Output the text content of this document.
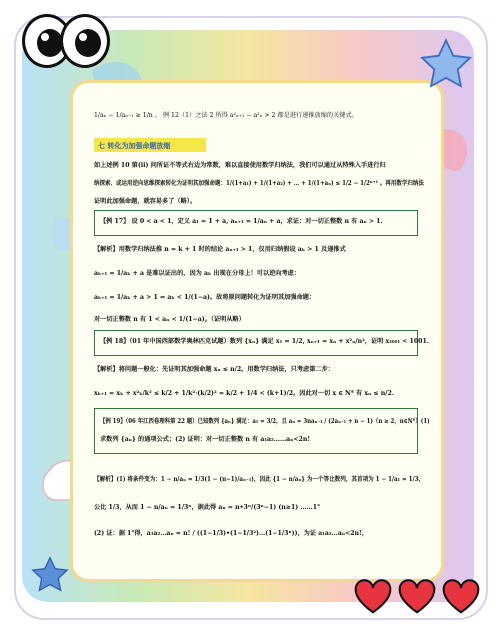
1/aₙ − 1/aₙ₋₁ ≥ 1/n 。 例 12（1）之法 2 所得 a²ₙ₊₁ − a²ₙ > 2 都是进行递推放缩的关键式。
七 转化为加强命题放缩
如上述例 10 第(ii) 问所证不等式右边为常数，难以直接使用数学归纳法，我们可以通过从特殊入手进行归
纳探索、或运用逆向思维探索转化为证明其加强命题：1/(1+a₁) + 1/(1+a₂) + … + 1/(1+aₙ) ≤ 1/2 − 1/2ⁿ⁺¹ 。再用数学归纳法
证明此加强命题，就容易多了（略）。
【例 17】 设 0 < a < 1，定义 a₁ = 1 + a, aₙ₊₁ = 1/aₙ + a，求证：对一切正整数 n 有 aₙ > 1.
【解析】用数学归纳法推 n = k + 1 时的结论 aₙ₊₁ > 1，仅用归纳假设 aₖ > 1 及递推式
aₖ₊₁ = 1/aₖ + a 是难以证出的，因为 aₖ 出现在分母上！可以逆向考虑：
aₖ₊₁ = 1/aₖ + a > 1 ⇔ aₖ < 1/(1−a)。故将原问题转化为证明其加强命题：
对一切正整数 n 有 1 < aₙ < 1/(1−a)。（证明从略）
【例 18】（01 年中国西部数学奥林匹克试题）数列 {xₙ} 满足 x₁ = 1/2, xₙ₊₁ = xₙ + x²ₙ/n²，证明 x₂₀₀₁ < 1001.
【解析】将问题一般化：先证明其加强命题 xₙ ≤ n/2。用数学归纳法，只考虑第二步：
xₖ₊₁ = xₖ + x²ₖ/k² ≤ k/2 + 1/k²·(k/2)² = k/2 + 1/4 < (k+1)/2。因此对一切 x ∈ N* 有 xₙ ≤ n/2.
【例 19】（06 年江西卷理科第 22 题）已知数列 {aₙ} 满足：a₁ = 3/2，且 aₙ = 3naₙ₋₁ / (2aₙ₋₁ + n − 1)（n ≥ 2，n∈N*）(1)
求数列 {aₙ} 的通项公式；(2) 证明：对一切正整数 n 有 a₁a₂……aₙ<2n!
【解析】(1) 将条件变为：1 − n/aₙ = 1/3(1 − (n−1)/aₙ₋₁)，因此 {1 − n/aₙ} 为一个等比数列，其首项为 1 − 1/a₁ = 1/3，
公比 1/3，从而 1 − n/aₙ = 1/3ⁿ，据此得 aₙ = n•3ⁿ/(3ⁿ−1) (n≥1) ……1°
(2) 证：据 1°得，a₁a₂…aₙ = n! / ((1−1/3)•(1−1/3²)…(1−1/3ⁿ))，为证 a₁a₂…aₙ<2n!，
